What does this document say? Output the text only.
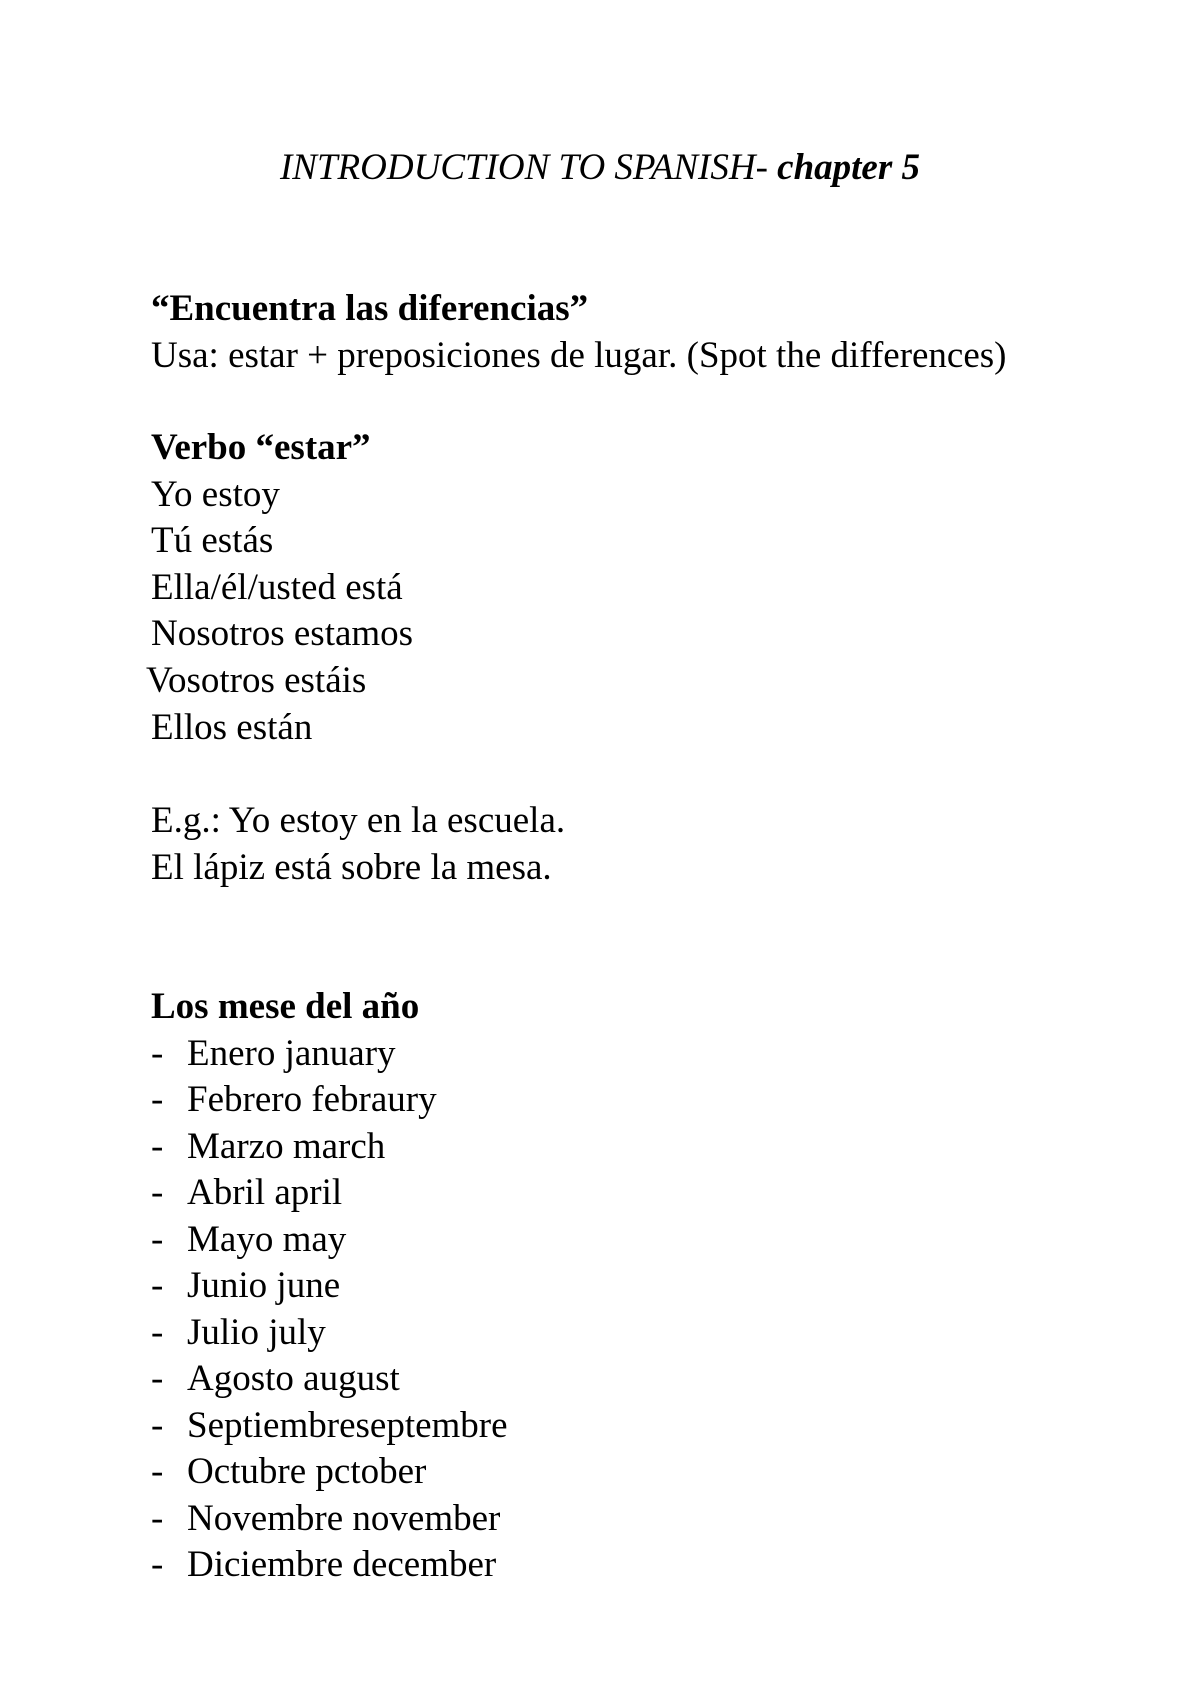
INTRODUCTION TO SPANISH- chapter 5
“Encuentra las diferencias”
Usa: estar + preposiciones de lugar. (Spot the differences)
Verbo “estar”
Yo estoy
Tú estás
Ella/él/usted está
Nosotros estamos
Vosotros estáis
Ellos están
E.g.: Yo estoy en la escuela.
El lápiz está sobre la mesa.
Los mese del año
- Enero january
- Febrero febraury
- Marzo march
- Abril april
- Mayo may
- Junio june
- Julio july
- Agosto august
- Septiembreseptembre
- Octubre pctober
- Novembre november
- Diciembre december
